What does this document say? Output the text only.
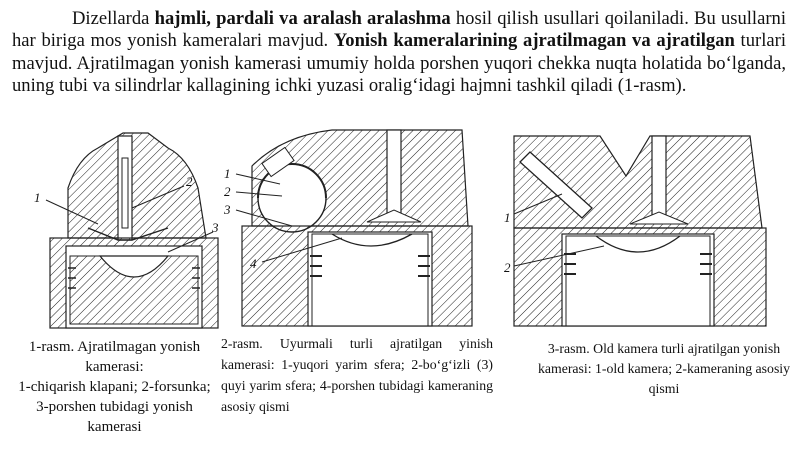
Dizellarda hajmli, pardali va aralash aralashma hosil qilish usullari qoilaniladi. Bu usullarni har biriga mos yonish kameralari mavjud. Yonish kameralarining ajratilmagan va ajratilgan turlari mavjud. Ajratilmagan yonish kamerasi umumiy holda porshen yuqori chekka nuqta holatida bo‘lganda, uning tubi va silindrlar kallagining ichki yuzasi oralig‘idagi hajmni tashkil qiladi (1-rasm).

1
2
3
1
2
3
4
1
2

1-rasm. Ajratilmagan yonish kamerasi:
1-chiqarish klapani; 2-forsunka; 3-porshen tubidagi yonish kamerasi

2-rasm. Uyurmali turli ajratilgan yinish kamerasi: 1-yuqori yarim sfera; 2-bo‘g‘izli (3) quyi yarim sfera; 4-porshen tubidagi kameraning asosiy qismi

3-rasm. Old kamera turli ajratilgan yonish kamerasi: 1-old kamera; 2-kameraning asosiy qismi
